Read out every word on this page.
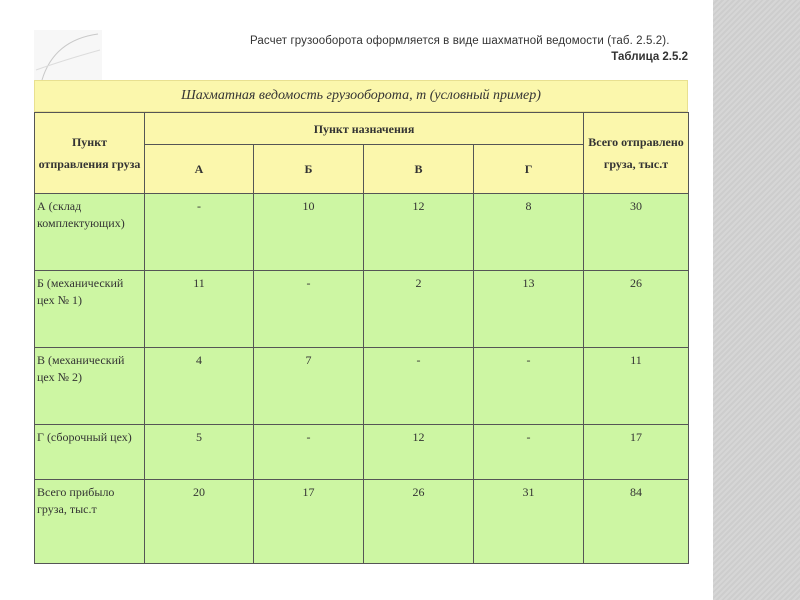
Расчет грузооборота оформляется в виде шахматной ведомости (таб. 2.5.2).
Таблица 2.5.2
Шахматная ведомость грузооборота, т (условный пример)
Пункт отправления груза	Пункт назначения				Всего отправлено груза, тыс.т
	А	Б	В	Г	
А (склад комплектующих)	-	10	12	8	30
Б (механический цех № 1)	11	-	2	13	26
В (механический цех № 2)	4	7	-	-	11
Г (сборочный цех)	5	-	12	-	17
Всего прибыло груза, тыс.т	20	17	26	31	84
